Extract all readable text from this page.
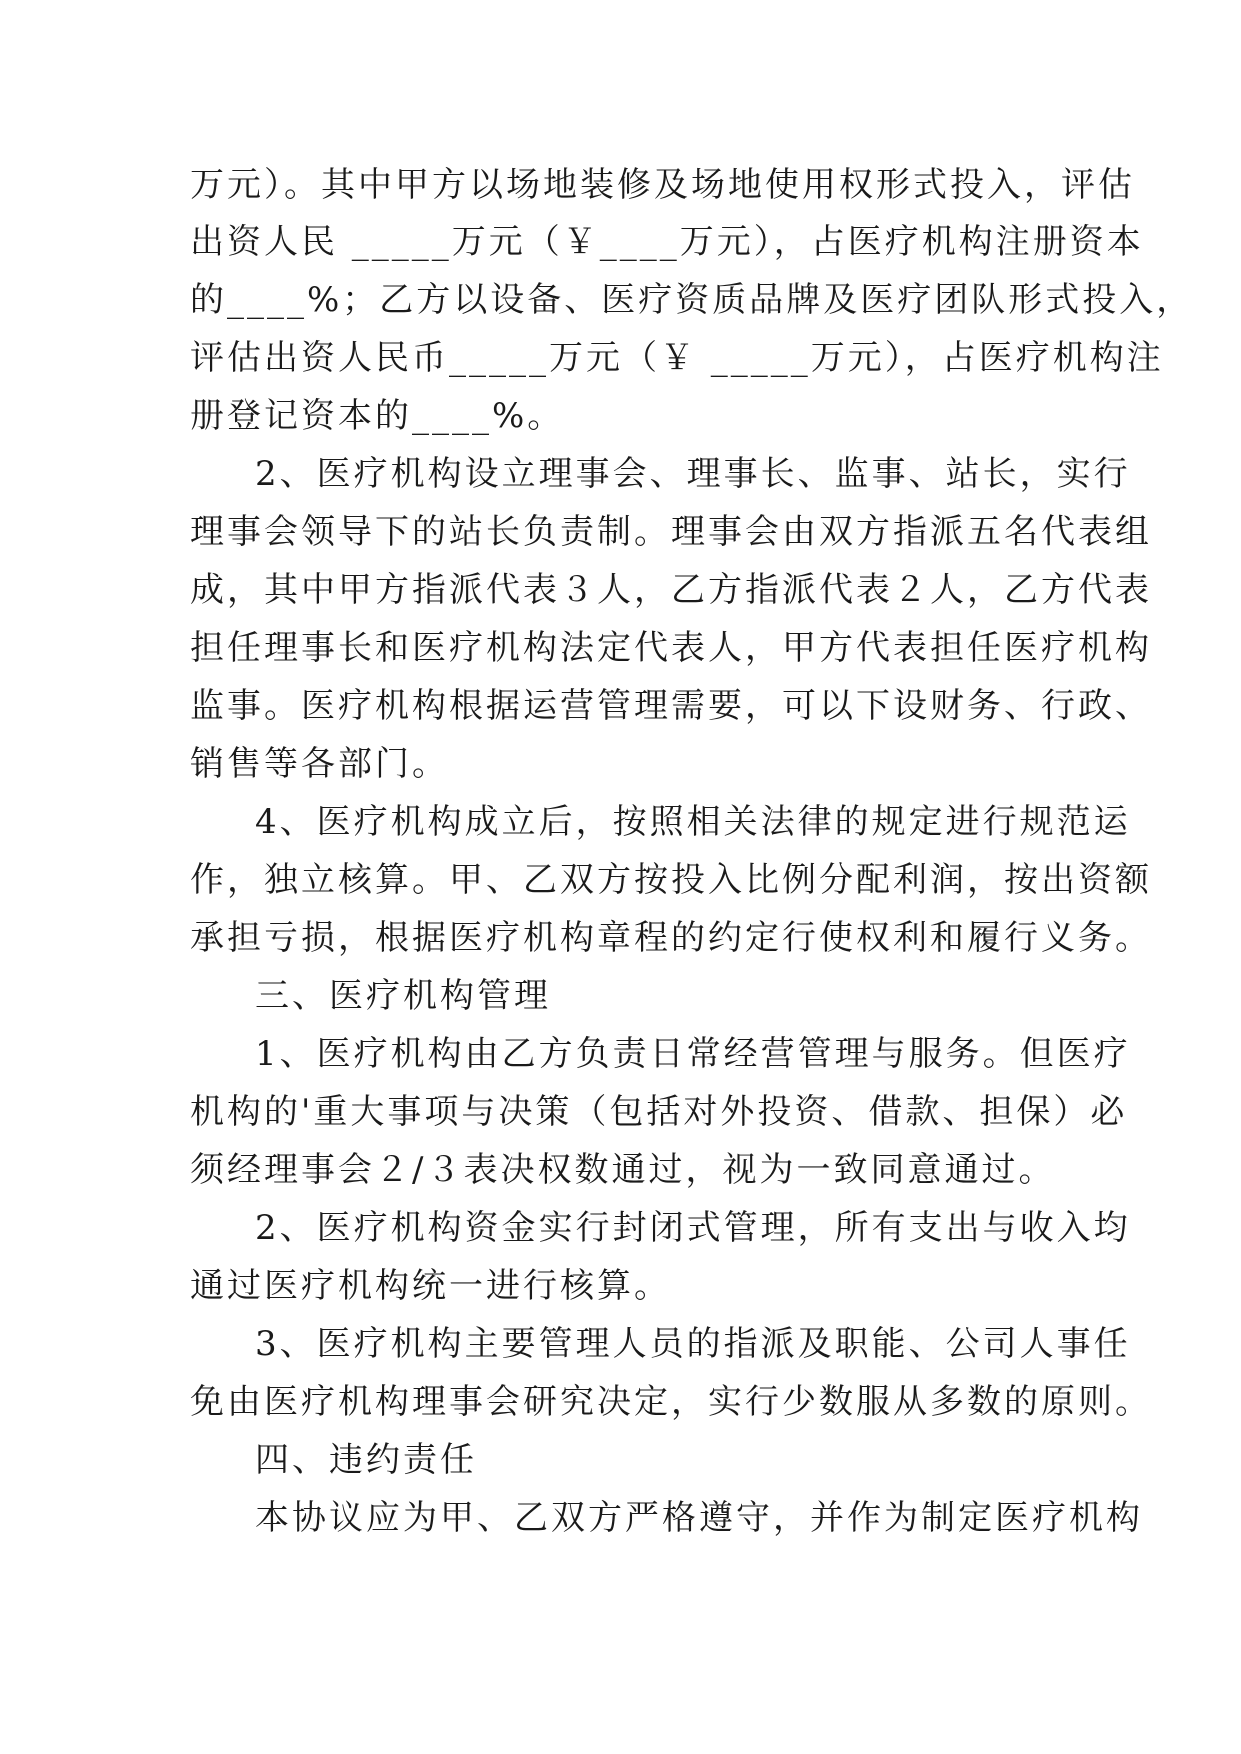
万元）。其中甲方以场地装修及场地使用权形式投入，评估
出资人民 _____万元（￥____万元），占医疗机构注册资本
的____%；乙方以设备、医疗资质品牌及医疗团队形式投入，
评估出资人民币_____万元（￥ _____万元），占医疗机构注
册登记资本的____%。
2、医疗机构设立理事会、理事长、监事、站长，实行
理事会领导下的站长负责制。理事会由双方指派五名代表组
成，其中甲方指派代表３人，乙方指派代表２人，乙方代表
担任理事长和医疗机构法定代表人，甲方代表担任医疗机构
监事。医疗机构根据运营管理需要，可以下设财务、行政、
销售等各部门。
4、医疗机构成立后，按照相关法律的规定进行规范运
作，独立核算。甲、乙双方按投入比例分配利润，按出资额
承担亏损，根据医疗机构章程的约定行使权利和履行义务。
三、医疗机构管理
1、医疗机构由乙方负责日常经营管理与服务。但医疗
机构的'重大事项与决策（包括对外投资、借款、担保）必
须经理事会２/３表决权数通过，视为一致同意通过。
2、医疗机构资金实行封闭式管理，所有支出与收入均
通过医疗机构统一进行核算。
3、医疗机构主要管理人员的指派及职能、公司人事任
免由医疗机构理事会研究决定，实行少数服从多数的原则。
四、违约责任
本协议应为甲、乙双方严格遵守，并作为制定医疗机构
